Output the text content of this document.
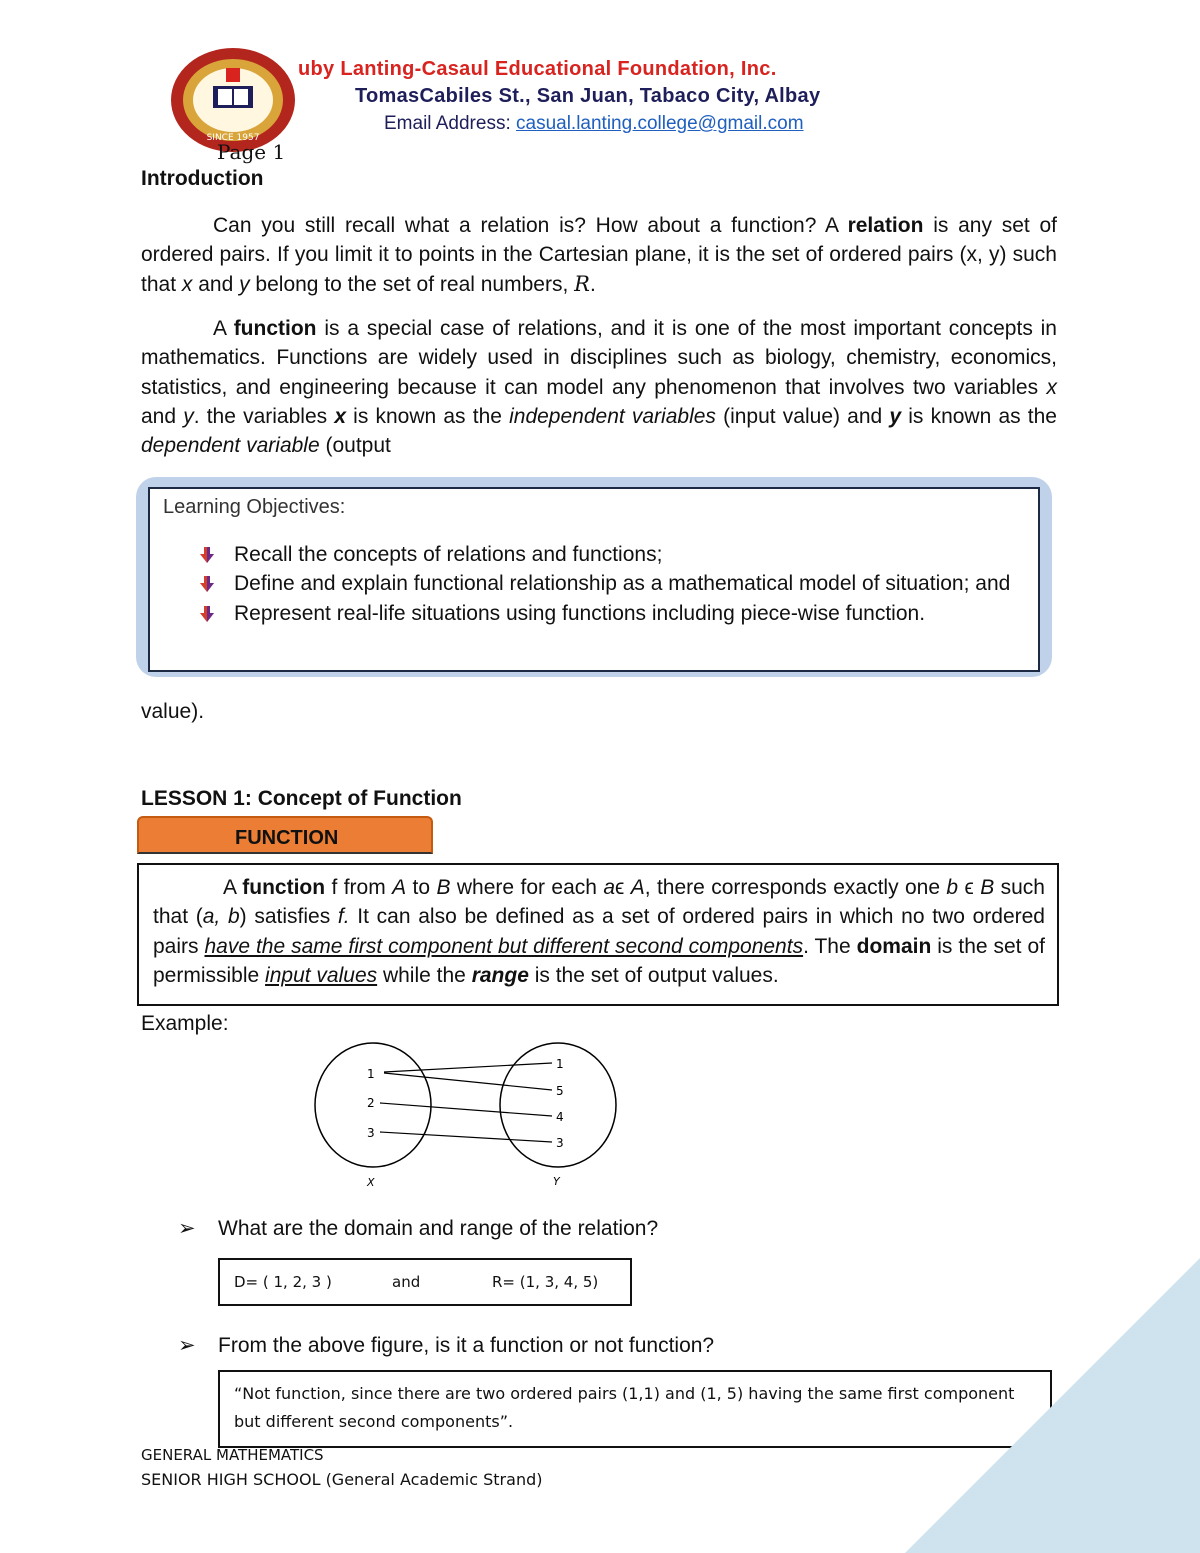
SINCE 1957
uby Lanting-Casaul Educational Foundation, Inc.
TomasCabiles St., San Juan, Tabaco City, Albay
Email Address: casual.lanting.college@gmail.com
Page 1
Introduction
Can you still recall what a relation is? How about a function? A relation is any set of ordered pairs. If you limit it to points in the Cartesian plane, it is the set of ordered pairs (x, y) such that x and y belong to the set of real numbers, R.
A function is a special case of relations, and it is one of the most important concepts in mathematics. Functions are widely used in disciplines such as biology, chemistry, economics, statistics, and engineering because it can model any phenomenon that involves two variables x and y. the variables x is known as the independent variables (input value) and y is known as the dependent variable (output
Learning Objectives:
Recall the concepts of relations and functions;
Define and explain functional relationship as a mathematical model of situation; and
Represent real-life situations using functions including piece-wise function.
value).
LESSON 1: Concept of Function
FUNCTION
A function f from A to B where for each aϵ A, there corresponds exactly one b ϵ B such that (a, b) satisfies f. It can also be defined as a set of ordered pairs in which no two ordered pairs have the same first component but different second components. The domain is the set of permissible input values while the range is the set of output values.
Example:
1
2
3
1
5
4
3
X	Y
➢ What are the domain and range of the relation?
D= ( 1, 2, 3 )	and	R= (1, 3, 4, 5)
➢ From the above figure, is it a function or not function?
“Not function, since there are two ordered pairs (1,1) and (1, 5) having the same first component but different second components”.
GENERAL MATHEMATICS
SENIOR HIGH SCHOOL (General Academic Strand)
